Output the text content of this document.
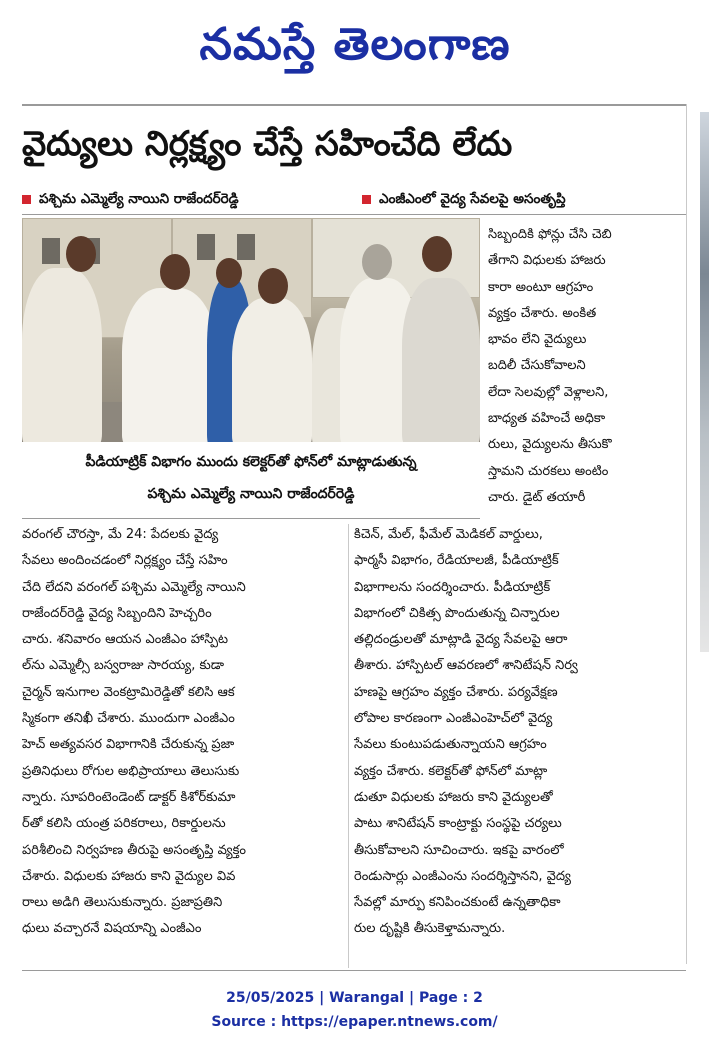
నమస్తే తెలంగాణ
వైద్యులు నిర్లక్ష్యం చేస్తే సహించేది లేదు
పశ్చిమ ఎమ్మెల్యే నాయిని రాజేందర్‌రెడ్డి	ఎంజీఎంలో వైద్య సేవలపై అసంతృప్తి
పీడియాట్రిక్ విభాగం ముందు కలెక్టర్‌తో ఫోన్‌లో మాట్లాడుతున్న
పశ్చిమ ఎమ్మెల్యే నాయిని రాజేందర్‌రెడ్డి
సిబ్బందికి ఫోన్లు చేసి చెబి
తేగాని విధులకు హాజరు
కారా అంటూ ఆగ్రహం
వ్యక్తం చేశారు. అంకిత
భావం లేని వైద్యులు
బదిలీ చేసుకోవాలని
లేదా సెలవుల్లో వెళ్లాలని,
బాధ్యత వహించే అధికా
రులు, వైద్యులను తీసుకొ
స్తామని చురకలు అంటిం
చారు. డైట్ తయారీ
వరంగల్ చౌరస్తా, మే 24: పేదలకు వైద్య
సేవలు అందించడంలో నిర్లక్ష్యం చేస్తే సహిం
చేది లేదని వరంగల్ పశ్చిమ ఎమ్మెల్యే నాయిని
రాజేందర్‌రెడ్డి వైద్య సిబ్బందిని హెచ్చరిం
చారు. శనివారం ఆయన ఎంజీఎం హాస్పిట
ల్‌ను ఎమ్మెల్సీ బస్వరాజు సారయ్య, కుడా
చైర్మన్ ఇనుగాల వెంకట్రామిరెడ్డితో కలిసి ఆక
స్మికంగా తనిఖీ చేశారు. ముందుగా ఎంజీఎం
హెచ్ అత్యవసర విభాగానికి చేరుకున్న ప్రజా
ప్రతినిధులు రోగుల అభిప్రాయాలు తెలుసుకు
న్నారు. సూపరింటెండెంట్ డాక్టర్ కిశోర్‌కుమా
ర్‌తో కలిసి యంత్ర పరికరాలు, రికార్డులను
పరిశీలించి నిర్వహణ తీరుపై అసంతృప్తి వ్యక్తం
చేశారు. విధులకు హాజరు కాని వైద్యుల వివ
రాలు అడిగి తెలుసుకున్నారు. ప్రజాప్రతిని
ధులు వచ్చారనే విషయాన్ని ఎంజీఎం
కిచెన్, మేల్, ఫీమేల్ మెడికల్ వార్డులు,
ఫార్మసీ విభాగం, రేడియాలజీ, పీడియాట్రిక్
విభాగాలను సందర్శించారు. పీడియాట్రిక్
విభాగంలో చికిత్స పొందుతున్న చిన్నారుల
తల్లిదండ్రులతో మాట్లాడి వైద్య సేవలపై ఆరా
తీశారు. హాస్పిటల్ ఆవరణలో శానిటేషన్ నిర్వ
హణపై ఆగ్రహం వ్యక్తం చేశారు. పర్యవేక్షణ
లోపాల కారణంగా ఎంజీఎంహెచ్‌లో వైద్య
సేవలు కుంటుపడుతున్నాయని ఆగ్రహం
వ్యక్తం చేశారు. కలెక్టర్‌తో ఫోన్‌లో మాట్లా
డుతూ విధులకు హాజరు కాని వైద్యులతో
పాటు శానిటేషన్ కాంట్రాక్టు సంస్థపై చర్యలు
తీసుకోవాలని సూచించారు. ఇకపై వారంలో
రెండుసార్లు ఎంజీఎంను సందర్శిస్తానని, వైద్య
సేవల్లో మార్పు కనిపించకుంటే ఉన్నతాధికా
రుల దృష్టికి తీసుకెళ్తామన్నారు.
25/05/2025 | Warangal | Page : 2
Source : https://epaper.ntnews.com/
